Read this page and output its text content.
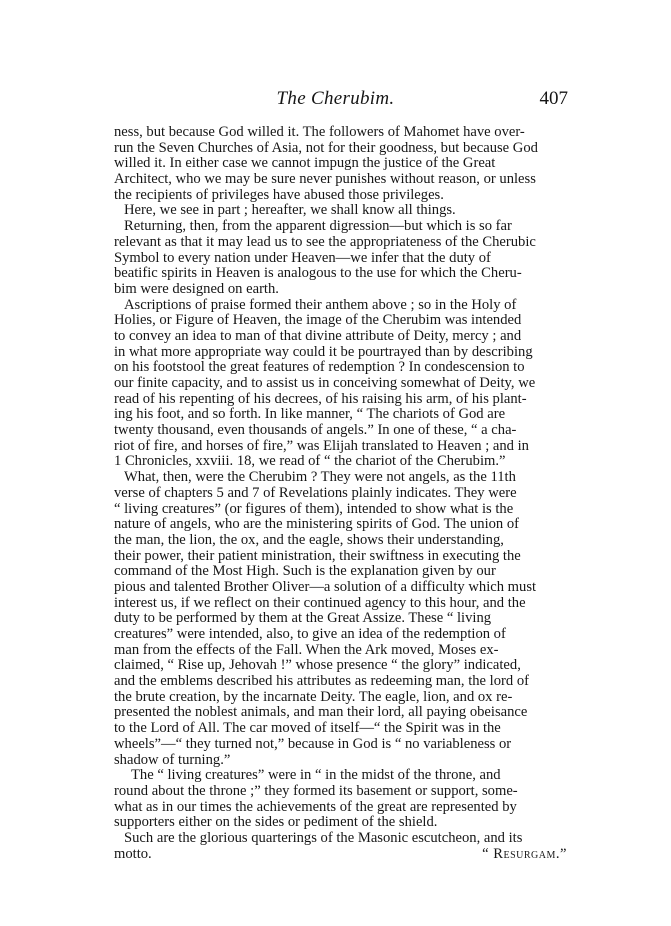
The Cherubim.	407
ness, but because God willed it. The followers of Mahomet have over-
run the Seven Churches of Asia, not for their goodness, but because God
willed it. In either case we cannot impugn the justice of the Great
Architect, who we may be sure never punishes without reason, or unless
the recipients of privileges have abused those privileges.
Here, we see in part ; hereafter, we shall know all things.
Returning, then, from the apparent digression—but which is so far
relevant as that it may lead us to see the appropriateness of the Cherubic
Symbol to every nation under Heaven—we infer that the duty of
beatific spirits in Heaven is analogous to the use for which the Cheru-
bim were designed on earth.
Ascriptions of praise formed their anthem above ; so in the Holy of
Holies, or Figure of Heaven, the image of the Cherubim was intended
to convey an idea to man of that divine attribute of Deity, mercy ; and
in what more appropriate way could it be pourtrayed than by describing
on his footstool the great features of redemption ? In condescension to
our finite capacity, and to assist us in conceiving somewhat of Deity, we
read of his repenting of his decrees, of his raising his arm, of his plant-
ing his foot, and so forth. In like manner, “ The chariots of God are
twenty thousand, even thousands of angels.” In one of these, “ a cha-
riot of fire, and horses of fire,” was Elijah translated to Heaven ; and in
1 Chronicles, xxviii. 18, we read of “ the chariot of the Cherubim.”
What, then, were the Cherubim ? They were not angels, as the 11th
verse of chapters 5 and 7 of Revelations plainly indicates. They were
“ living creatures” (or figures of them), intended to show what is the
nature of angels, who are the ministering spirits of God. The union of
the man, the lion, the ox, and the eagle, shows their understanding,
their power, their patient ministration, their swiftness in executing the
command of the Most High. Such is the explanation given by our
pious and talented Brother Oliver—a solution of a difficulty which must
interest us, if we reflect on their continued agency to this hour, and the
duty to be performed by them at the Great Assize. These “ living
creatures” were intended, also, to give an idea of the redemption of
man from the effects of the Fall. When the Ark moved, Moses ex-
claimed, “ Rise up, Jehovah !” whose presence “ the glory” indicated,
and the emblems described his attributes as redeeming man, the lord of
the brute creation, by the incarnate Deity. The eagle, lion, and ox re-
presented the noblest animals, and man their lord, all paying obeisance
to the Lord of All. The car moved of itself—“ the Spirit was in the
wheels”—“ they turned not,” because in God is “ no variableness or
shadow of turning.”
The “ living creatures” were in “ in the midst of the throne, and
round about the throne ;” they formed its basement or support, some-
what as in our times the achievements of the great are represented by
supporters either on the sides or pediment of the shield.
Such are the glorious quarterings of the Masonic escutcheon, and its
motto.	“ Resurgam.”
